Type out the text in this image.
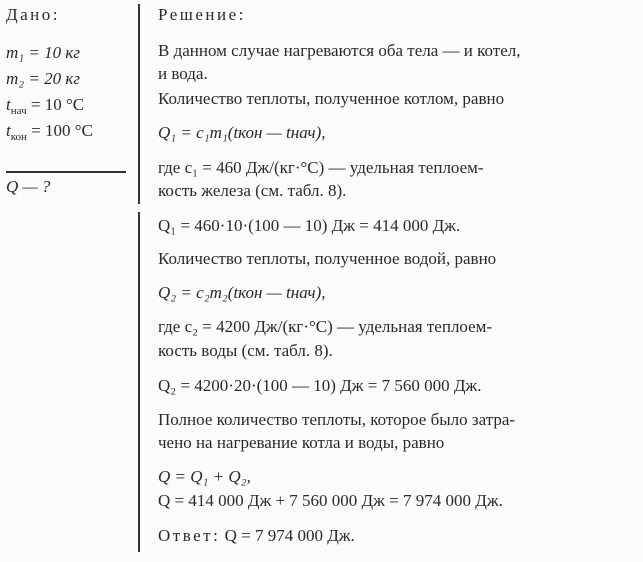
Дано:
m₁ = 10 кг
m₂ = 20 кг
$t_{нач} = 10$ °C
$t_{кон} = 100$ °C
Q — ?
Решение:
В данном случае нагреваются оба тела — и котел,
и вода.
Количество теплоты, полученное котлом, равно
Q₁ = c₁m₁(tкон — tнач),
где c₁ = 460 Дж/(кг·°C) — удельная теплоем-
кость железа (см. табл. 8).
Q₁ = 460·10·(100 — 10) Дж = 414 000 Дж.
Количество теплоты, полученное водой, равно
Q₂ = c₂m₂(tкон — tнач),
где c₂ = 4200 Дж/(кг·°C) — удельная теплоем-
кость воды (см. табл. 8).
Q₂ = 4200·20·(100 — 10) Дж = 7 560 000 Дж.
Полное количество теплоты, которое было затра-
чено на нагревание котла и воды, равно
Q = Q₁ + Q₂,
Q = 414 000 Дж + 7 560 000 Дж = 7 974 000 Дж.
Ответ: Q = 7 974 000 Дж.
